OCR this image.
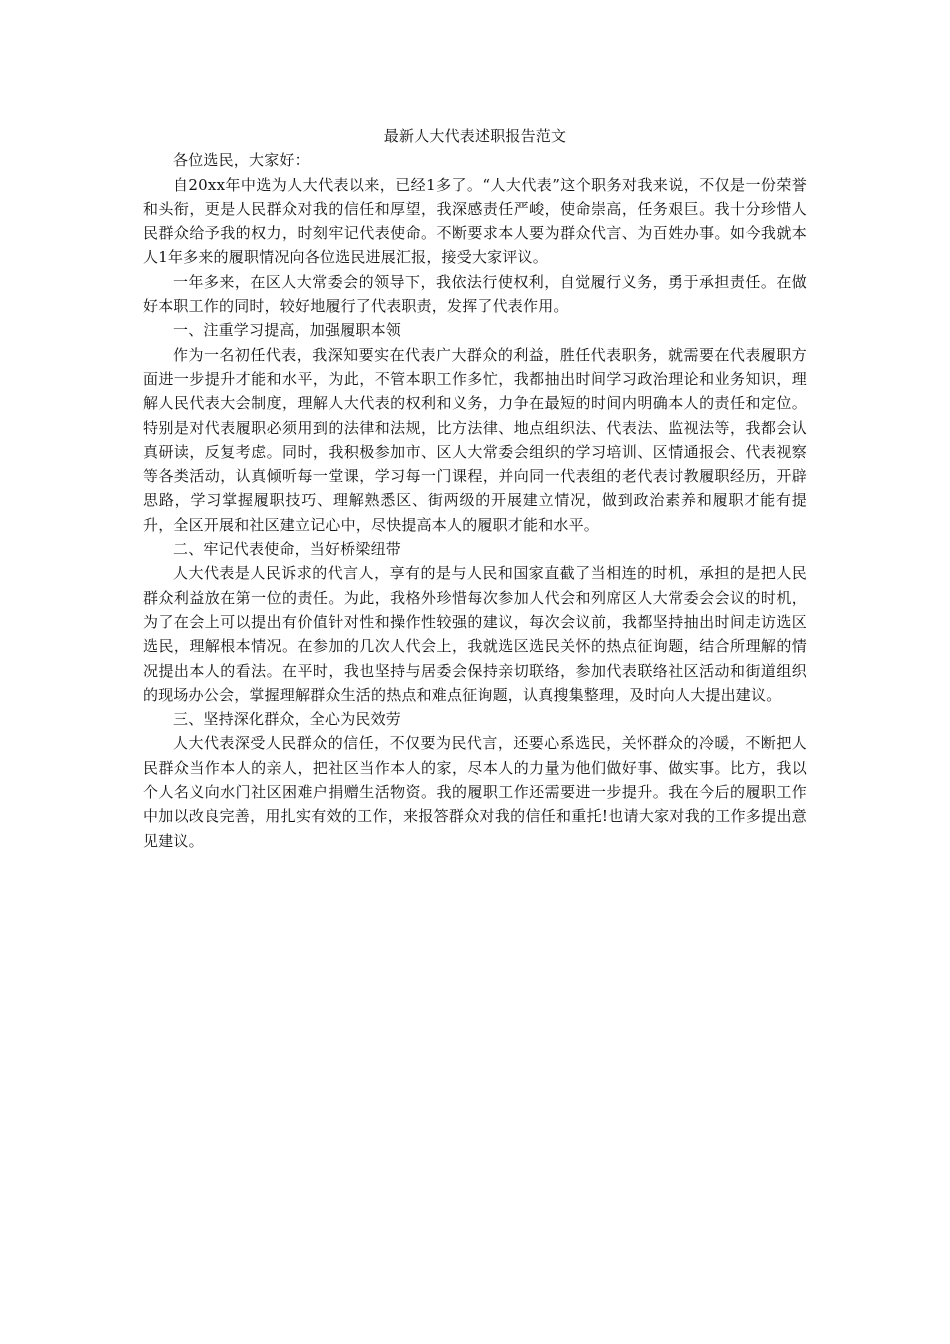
最新人大代表述职报告范文

各位选民，大家好：

自20xx年中选为人大代表以来，已经1多了。“人大代表”这个职务对我来说，不仅是一份荣誉和头衔，更是人民群众对我的信任和厚望，我深感责任严峻，使命崇高，任务艰巨。我十分珍惜人民群众给予我的权力，时刻牢记代表使命。不断要求本人要为群众代言、为百姓办事。如今我就本人1年多来的履职情况向各位选民进展汇报，接受大家评议。

一年多来，在区人大常委会的领导下，我依法行使权利，自觉履行义务，勇于承担责任。在做好本职工作的同时，较好地履行了代表职责，发挥了代表作用。

一、注重学习提高，加强履职本领

作为一名初任代表，我深知要实在代表广大群众的利益，胜任代表职务，就需要在代表履职方面进一步提升才能和水平，为此，不管本职工作多忙，我都抽出时间学习政治理论和业务知识，理解人民代表大会制度，理解人大代表的权利和义务，力争在最短的时间内明确本人的责任和定位。特别是对代表履职必须用到的法律和法规，比方法律、地点组织法、代表法、监视法等，我都会认真研读，反复考虑。同时，我积极参加市、区人大常委会组织的学习培训、区情通报会、代表视察等各类活动，认真倾听每一堂课，学习每一门课程，并向同一代表组的老代表讨教履职经历，开辟思路，学习掌握履职技巧、理解熟悉区、街两级的开展建立情况，做到政治素养和履职才能有提升，全区开展和社区建立记心中，尽快提高本人的履职才能和水平。

二、牢记代表使命，当好桥梁纽带

人大代表是人民诉求的代言人，享有的是与人民和国家直截了当相连的时机，承担的是把人民群众利益放在第一位的责任。为此，我格外珍惜每次参加人代会和列席区人大常委会会议的时机，为了在会上可以提出有价值针对性和操作性较强的建议，每次会议前，我都坚持抽出时间走访选区选民，理解根本情况。在参加的几次人代会上，我就选区选民关怀的热点征询题，结合所理解的情况提出本人的看法。在平时，我也坚持与居委会保持亲切联络，参加代表联络社区活动和街道组织的现场办公会，掌握理解群众生活的热点和难点征询题，认真搜集整理，及时向人大提出建议。

三、坚持深化群众，全心为民效劳

人大代表深受人民群众的信任，不仅要为民代言，还要心系选民，关怀群众的冷暖，不断把人民群众当作本人的亲人，把社区当作本人的家，尽本人的力量为他们做好事、做实事。比方，我以个人名义向水门社区困难户捐赠生活物资。我的履职工作还需要进一步提升。我在今后的履职工作中加以改良完善，用扎实有效的工作，来报答群众对我的信任和重托!也请大家对我的工作多提出意见建议。
